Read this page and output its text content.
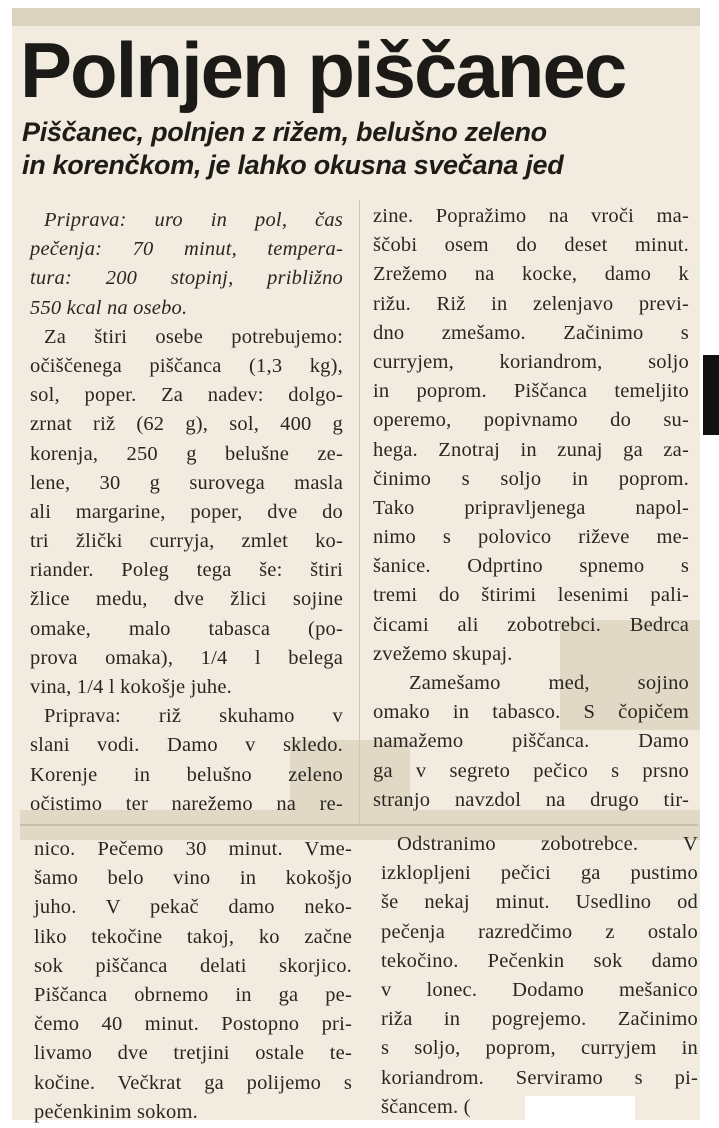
Polnjen piščanec
Piščanec, polnjen z rižem, belušno zeleno
in korenčkom, je lahko okusna svečana jed
Priprava: uro in pol, čas
pečenja: 70 minut, tempera-
tura: 200 stopinj, približno
550 kcal na osebo.
Za štiri osebe potrebujemo:
očiščenega piščanca (1,3 kg),
sol, poper. Za nadev: dolgo-
zrnat riž (62 g), sol, 400 g
korenja, 250 g belušne ze-
lene, 30 g surovega masla
ali margarine, poper, dve do
tri žlički curryja, zmlet ko-
riander. Poleg tega še: štiri
žlice medu, dve žlici sojine
omake, malo tabasca (po-
prova omaka), 1/4 l belega
vina, 1/4 l kokošje juhe.
Priprava: riž skuhamo v
slani vodi. Damo v skledo.
Korenje in belušno zeleno
očistimo ter narežemo na re-
zine. Popražimo na vroči ma-
ščobi osem do deset minut.
Zrežemo na kocke, damo k
rižu. Riž in zelenjavo previ-
dno zmešamo. Začinimo s
curryjem, koriandrom, soljo
in poprom. Piščanca temeljito
operemo, popivnamo do su-
hega. Znotraj in zunaj ga za-
činimo s soljo in poprom.
Tako pripravljenega napol-
nimo s polovico riževe me-
šanice. Odprtino spnemo s
tremi do štirimi lesenimi pali-
čicami ali zobotrebci. Bedrca
zvežemo skupaj.
Zamešamo med, sojino
omako in tabasco. S čopičem
namažemo piščanca. Damo
ga v segreto pečico s prsno
stranjo navzdol na drugo tir-
nico. Pečemo 30 minut. Vme-
šamo belo vino in kokošjo
juho. V pekač damo neko-
liko tekočine takoj, ko začne
sok piščanca delati skorjico.
Piščanca obrnemo in ga pe-
čemo 40 minut. Postopno pri-
livamo dve tretjini ostale te-
kočine. Večkrat ga polijemo s
pečenkinim sokom.
Odstranimo zobotrebce. V
izklopljeni pečici ga pustimo
še nekaj minut. Usedlino od
pečenja razredčimo z ostalo
tekočino. Pečenkin sok damo
v lonec. Dodamo mešanico
riža in pogrejemo. Začinimo
s soljo, poprom, curryjem in
koriandrom. Serviramo s pi-
ščancem. (
